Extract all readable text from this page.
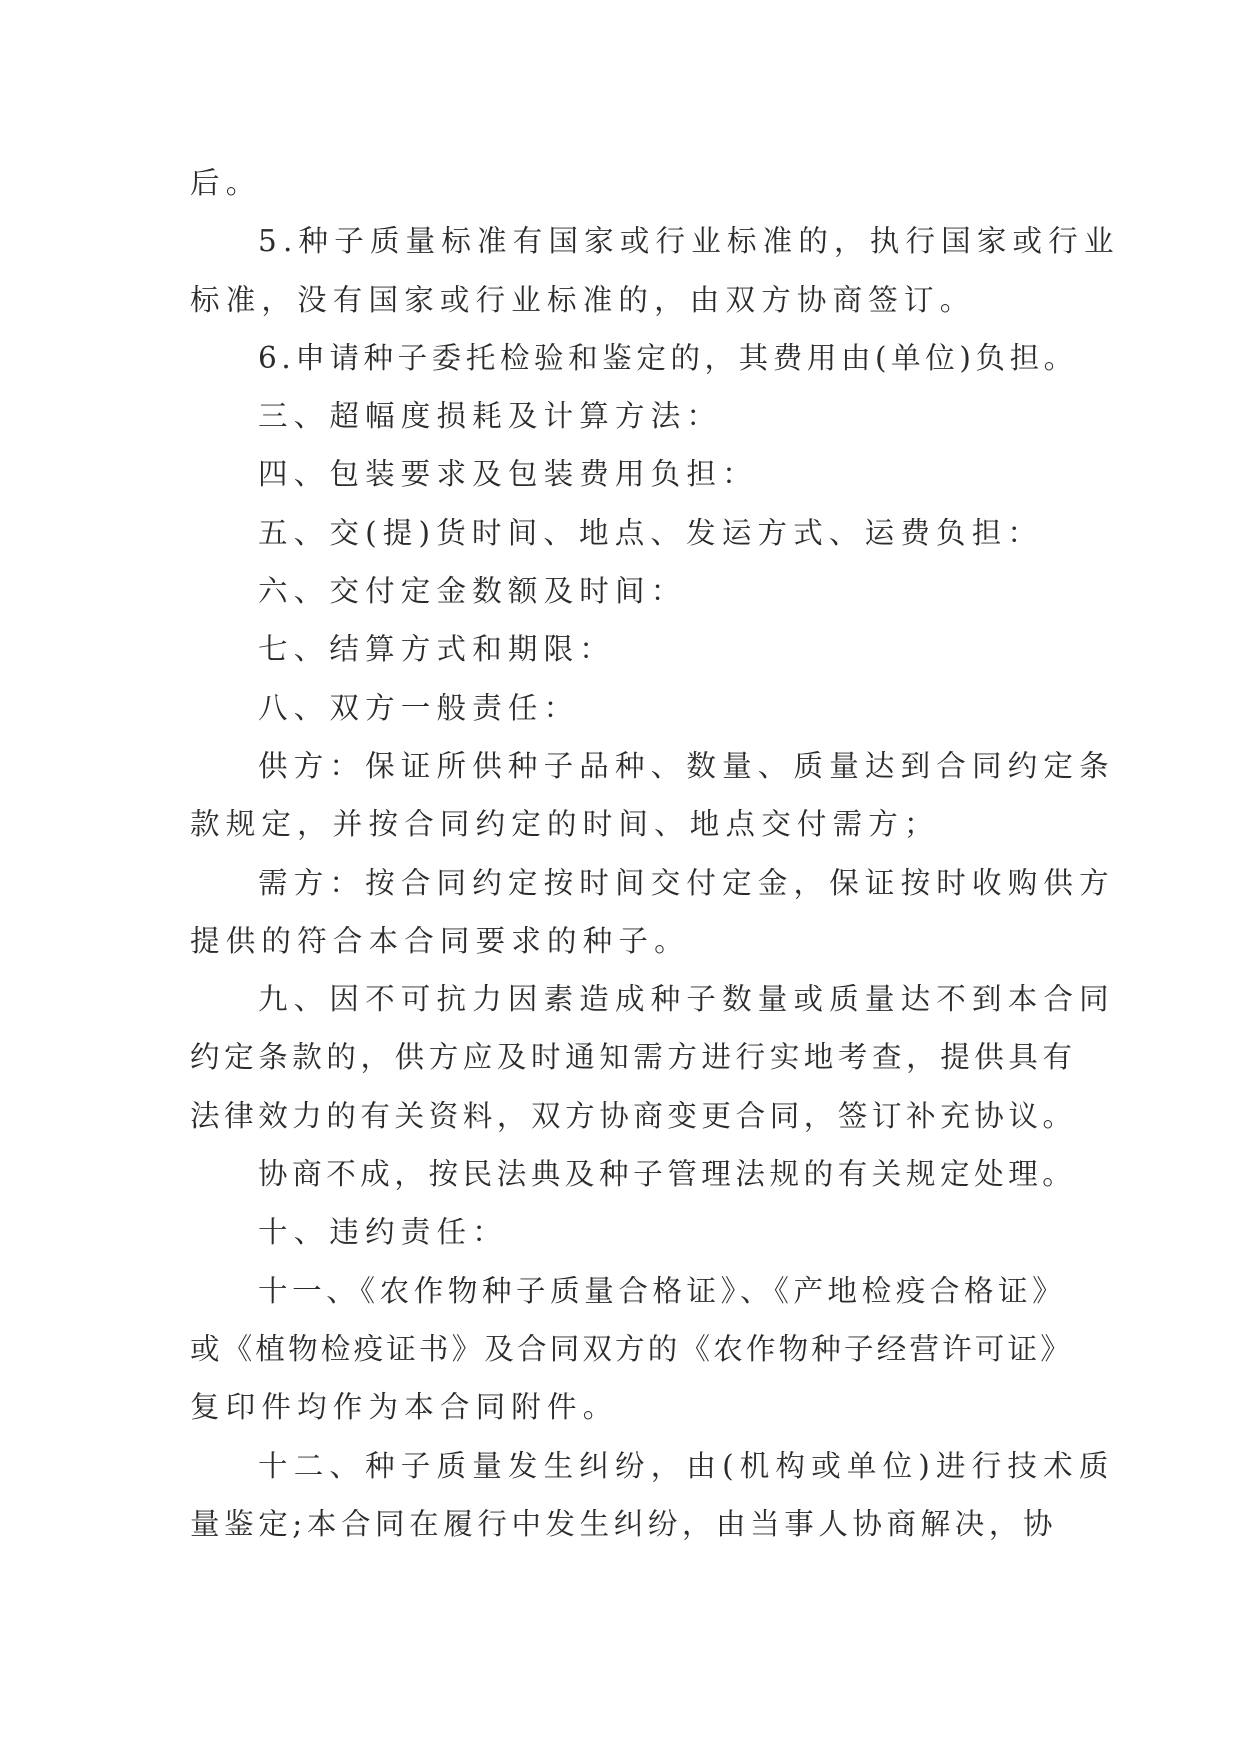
后。
5.种子质量标准有国家或行业标准的，执行国家或行业
标准，没有国家或行业标准的，由双方协商签订。
6.申请种子委托检验和鉴定的，其费用由(单位)负担。
三、超幅度损耗及计算方法：
四、包装要求及包装费用负担：
五、交(提)货时间、地点、发运方式、运费负担：
六、交付定金数额及时间：
七、结算方式和期限：
八、双方一般责任：
供方：保证所供种子品种、数量、质量达到合同约定条
款规定，并按合同约定的时间、地点交付需方；
需方：按合同约定按时间交付定金，保证按时收购供方
提供的符合本合同要求的种子。
九、因不可抗力因素造成种子数量或质量达不到本合同
约定条款的，供方应及时通知需方进行实地考查，提供具有
法律效力的有关资料，双方协商变更合同，签订补充协议。
协商不成，按民法典及种子管理法规的有关规定处理。
十、违约责任：
十一、《农作物种子质量合格证》、《产地检疫合格证》
或《植物检疫证书》及合同双方的《农作物种子经营许可证》
复印件均作为本合同附件。
十二、种子质量发生纠纷，由(机构或单位)进行技术质
量鉴定;本合同在履行中发生纠纷，由当事人协商解决，协
